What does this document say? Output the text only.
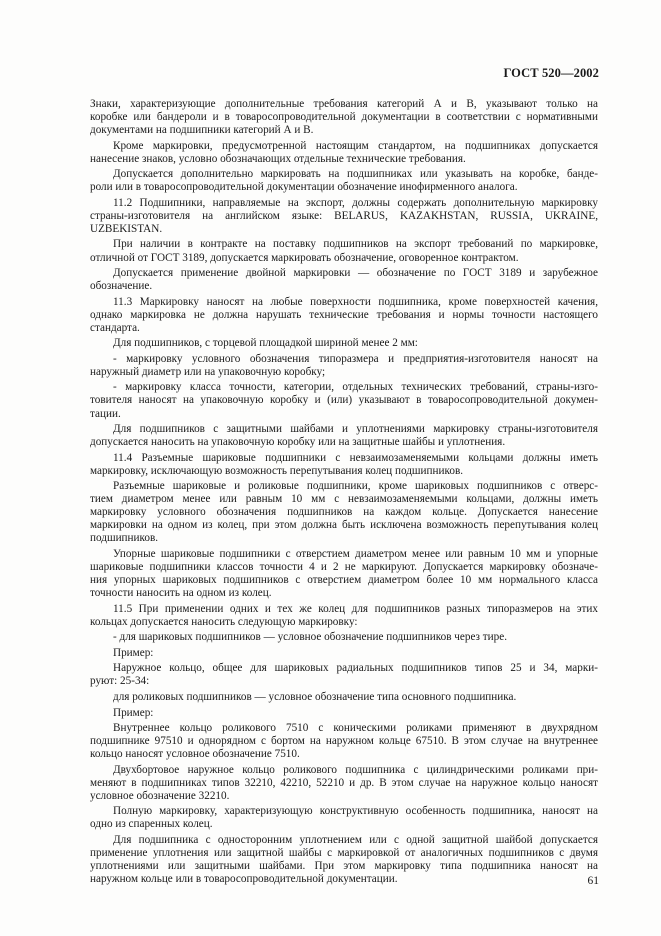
ГОСТ 520—2002
Знаки, характеризующие дополнительные требования категорий А и В, указывают только на
коробке или бандероли и в товаросопроводительной документации в соответствии с нормативными
документами на подшипники категорий А и В.
Кроме маркировки, предусмотренной настоящим стандартом, на подшипниках допускается
нанесение знаков, условно обозначающих отдельные технические требования.
Допускается дополнительно маркировать на подшипниках или указывать на коробке, банде-
роли или в товаросопроводительной документации обозначение инофирменного аналога.
11.2 Подшипники, направляемые на экспорт, должны содержать дополнительную маркировку
страны-изготовителя на английском языке: BELARUS, KAZAKHSTAN, RUSSIA, UKRAINE,
UZBEKISTAN.
При наличии в контракте на поставку подшипников на экспорт требований по маркировке,
отличной от ГОСТ 3189, допускается маркировать обозначение, оговоренное контрактом.
Допускается применение двойной маркировки — обозначение по ГОСТ 3189 и зарубежное
обозначение.
11.3 Маркировку наносят на любые поверхности подшипника, кроме поверхностей качения,
однако маркировка не должна нарушать технические требования и нормы точности настоящего
стандарта.
Для подшипников, с торцевой площадкой шириной менее 2 мм:
- маркировку условного обозначения типоразмера и предприятия-изготовителя наносят на
наружный диаметр или на упаковочную коробку;
- маркировку класса точности, категории, отдельных технических требований, страны-изго-
товителя наносят на упаковочную коробку и (или) указывают в товаросопроводительной докумен-
тации.
Для подшипников с защитными шайбами и уплотнениями маркировку страны-изготовителя
допускается наносить на упаковочную коробку или на защитные шайбы и уплотнения.
11.4 Разъемные шариковые подшипники с невзаимозаменяемыми кольцами должны иметь
маркировку, исключающую возможность перепутывания колец подшипников.
Разъемные шариковые и роликовые подшипники, кроме шариковых подшипников с отверс-
тием диаметром менее или равным 10 мм с невзаимозаменяемыми кольцами, должны иметь
маркировку условного обозначения подшипников на каждом кольце. Допускается нанесение
маркировки на одном из колец, при этом должна быть исключена возможность перепутывания колец
подшипников.
Упорные шариковые подшипники с отверстием диаметром менее или равным 10 мм и упорные
шариковые подшипники классов точности 4 и 2 не маркируют. Допускается маркировку обозначе-
ния упорных шариковых подшипников с отверстием диаметром более 10 мм нормального класса
точности наносить на одном из колец.
11.5 При применении одних и тех же колец для подшипников разных типоразмеров на этих
кольцах допускается наносить следующую маркировку:
- для шариковых подшипников — условное обозначение подшипников через тире.
Пример:
Наружное кольцо, общее для шариковых радиальных подшипников типов 25 и 34, марки-
руют: 25-34:
для роликовых подшипников — условное обозначение типа основного подшипника.
Пример:
Внутреннее кольцо роликового 7510 с коническими роликами применяют в двухрядном
подшипнике 97510 и однорядном с бортом на наружном кольце 67510. В этом случае на внутреннее
кольцо наносят условное обозначение 7510.
Двухбортовое наружное кольцо роликового подшипника с цилиндрическими роликами при-
меняют в подшипниках типов 32210, 42210, 52210 и др. В этом случае на наружное кольцо наносят
условное обозначение 32210.
Полную маркировку, характеризующую конструктивную особенность подшипника, наносят на
одно из спаренных колец.
Для подшипника с односторонним уплотнением или с одной защитной шайбой допускается
применение уплотнения или защитной шайбы с маркировкой от аналогичных подшипников с двумя
уплотнениями или защитными шайбами. При этом маркировку типа подшипника наносят на
наружном кольце или в товаросопроводительной документации.	61
